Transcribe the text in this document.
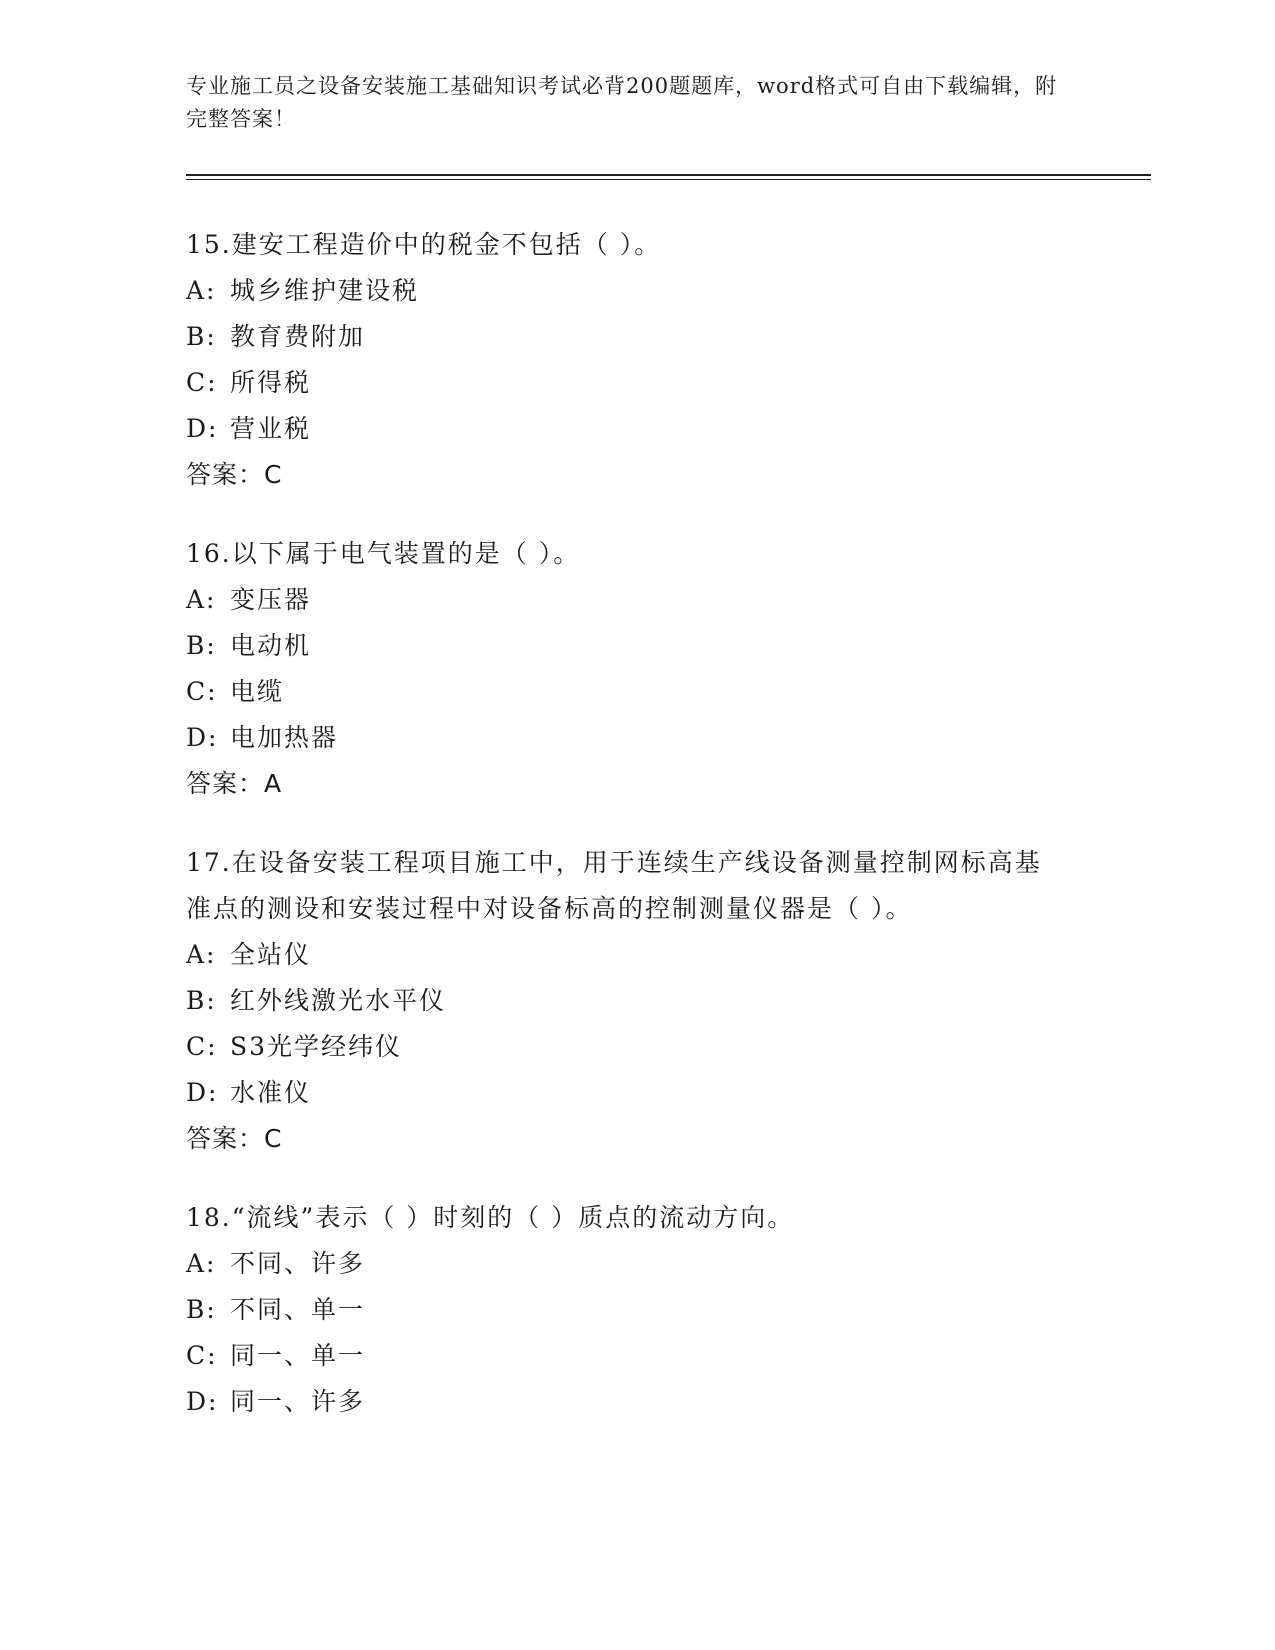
专业施工员之设备安装施工基础知识考试必背200题题库，word格式可自由下载编辑，附完整答案！
15.建安工程造价中的税金不包括（ ）。
A: 城乡维护建设税
B: 教育费附加
C: 所得税
D: 营业税
答案：C
16.以下属于电气装置的是（ ）。
A: 变压器
B: 电动机
C: 电缆
D: 电加热器
答案：A
17.在设备安装工程项目施工中，用于连续生产线设备测量控制网标高基准点的测设和安装过程中对设备标高的控制测量仪器是（ ）。
A: 全站仪
B: 红外线激光水平仪
C: S3光学经纬仪
D: 水准仪
答案：C
18.“流线”表示（ ）时刻的（ ）质点的流动方向。
A: 不同、许多
B: 不同、单一
C: 同一、单一
D: 同一、许多
